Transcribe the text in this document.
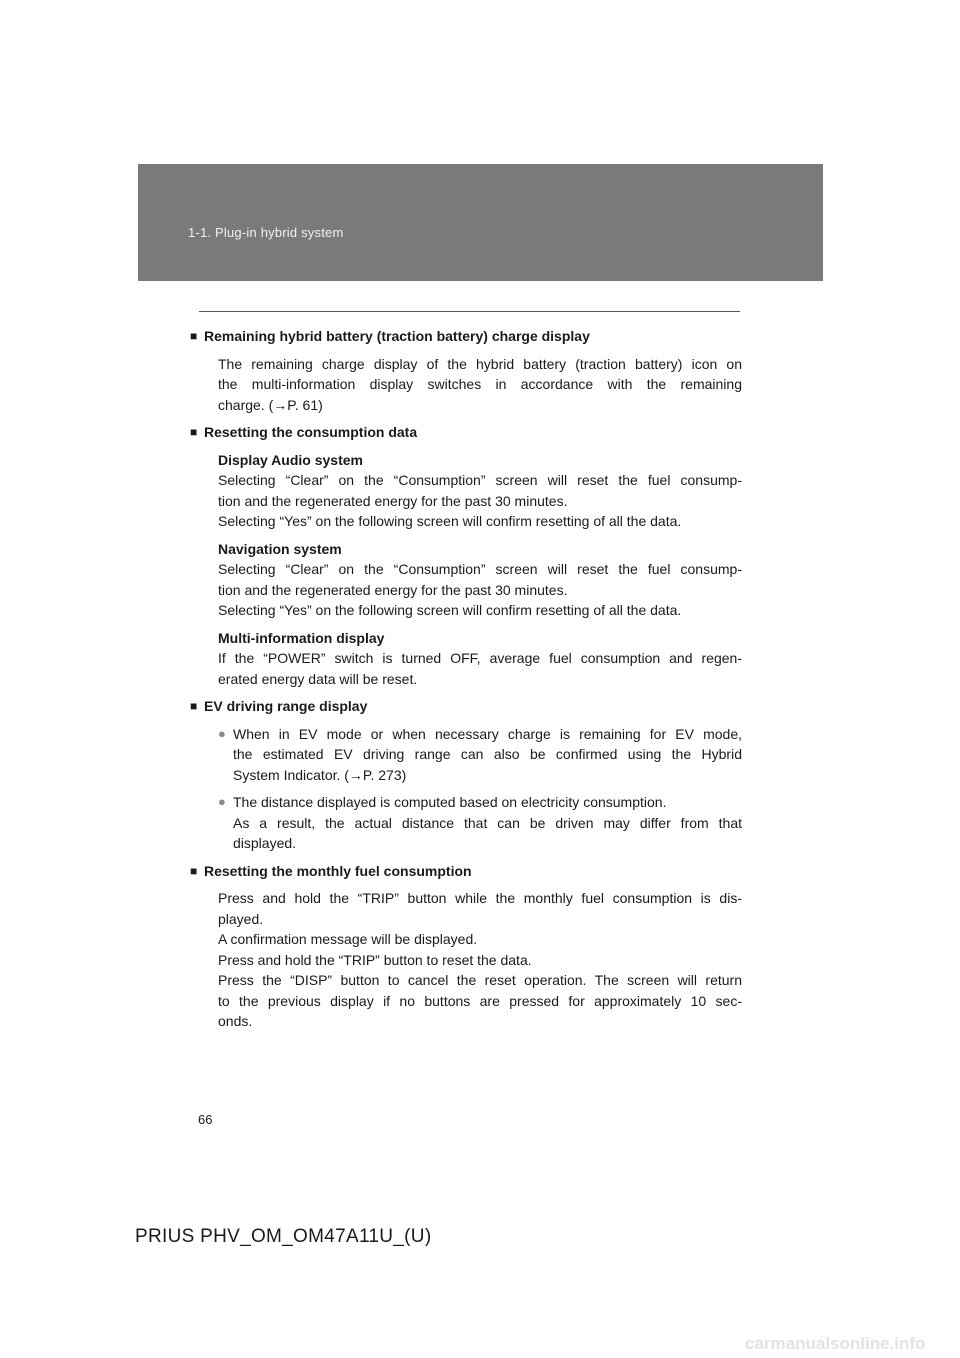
1-1. Plug-in hybrid system
■ Remaining hybrid battery (traction battery) charge display
The remaining charge display of the hybrid battery (traction battery) icon on
the multi-information display switches in accordance with the remaining
charge. (→P. 61)
■ Resetting the consumption data
Display Audio system
Selecting “Clear” on the “Consumption” screen will reset the fuel consump-
tion and the regenerated energy for the past 30 minutes.
Selecting “Yes” on the following screen will confirm resetting of all the data.
Navigation system
Selecting “Clear” on the “Consumption” screen will reset the fuel consump-
tion and the regenerated energy for the past 30 minutes.
Selecting “Yes” on the following screen will confirm resetting of all the data.
Multi-information display
If the “POWER” switch is turned OFF, average fuel consumption and regen-
erated energy data will be reset.
■ EV driving range display
● When in EV mode or when necessary charge is remaining for EV mode,
the estimated EV driving range can also be confirmed using the Hybrid
System Indicator. (→P. 273)
● The distance displayed is computed based on electricity consumption.
As a result, the actual distance that can be driven may differ from that
displayed.
■ Resetting the monthly fuel consumption
Press and hold the “TRIP” button while the monthly fuel consumption is dis-
played.
A confirmation message will be displayed.
Press and hold the “TRIP” button to reset the data.
Press the “DISP” button to cancel the reset operation. The screen will return
to the previous display if no buttons are pressed for approximately 10 sec-
onds.
66
PRIUS PHV_OM_OM47A11U_(U)
carmanualsonline.info
